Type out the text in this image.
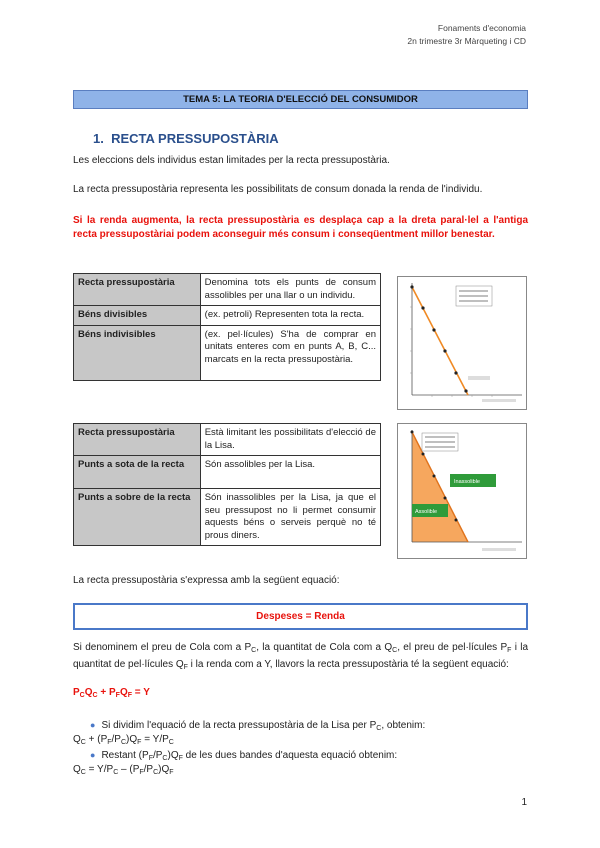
Fonaments d'economia
2n trimestre 3r Màrqueting i CD
TEMA 5: LA TEORIA D'ELECCIÓ DEL CONSUMIDOR
1. RECTA PRESSUPOSTÀRIA
Les eleccions dels individus estan limitades per la recta pressupostària.
La recta pressupostària representa les possibilitats de consum donada la renda de l'individu.
Si la renda augmenta, la recta pressupostària es desplaça cap a la dreta paral·lel a l'antiga recta pressupostàriai podem aconseguir més consum i conseqüentment millor benestar.
Recta pressupostària	Denomina tots els punts de consum assolibles per una llar o un individu.
Béns divisibles	(ex. petroli) Representen tota la recta.
Béns indivisibles	(ex. pel·lícules) S'ha de comprar en unitats enteres com en punts A, B, C... marcats en la recta pressupostària.
Recta pressupostària	Està limitant les possibilitats d'elecció de la Lisa.
Punts a sota de la recta	Són assolibles per la Lisa.
Punts a sobre de la recta	Són inassolibles per la Lisa, ja que el seu pressupost no li permet consumir aquests béns o serveis perquè no té prous diners.
Inassolible
Assolible
La recta pressupostària s'expressa amb la següent equació:
Despeses = Renda
Si denominem el preu de Cola com a $P_C$, la quantitat de Cola com a $Q_C$, el preu de pel·lícules $P_F$ i la quantitat de pel·lícules $Q_F$ i la renda com a Y, llavors la recta pressupostària té la següent equació:
$P_CQ_C + P_FQ_F = Y$
● Si dividim l'equació de la recta pressupostària de la Lisa per $P_C$, obtenim:
$Q_C + (P_F/P_C)Q_F = Y/P_C$
● Restant $(P_F/P_C)Q_F$ de les dues bandes d'aquesta equació obtenim:
$Q_C = Y/P_C - (P_F/P_C)Q_F$
1
